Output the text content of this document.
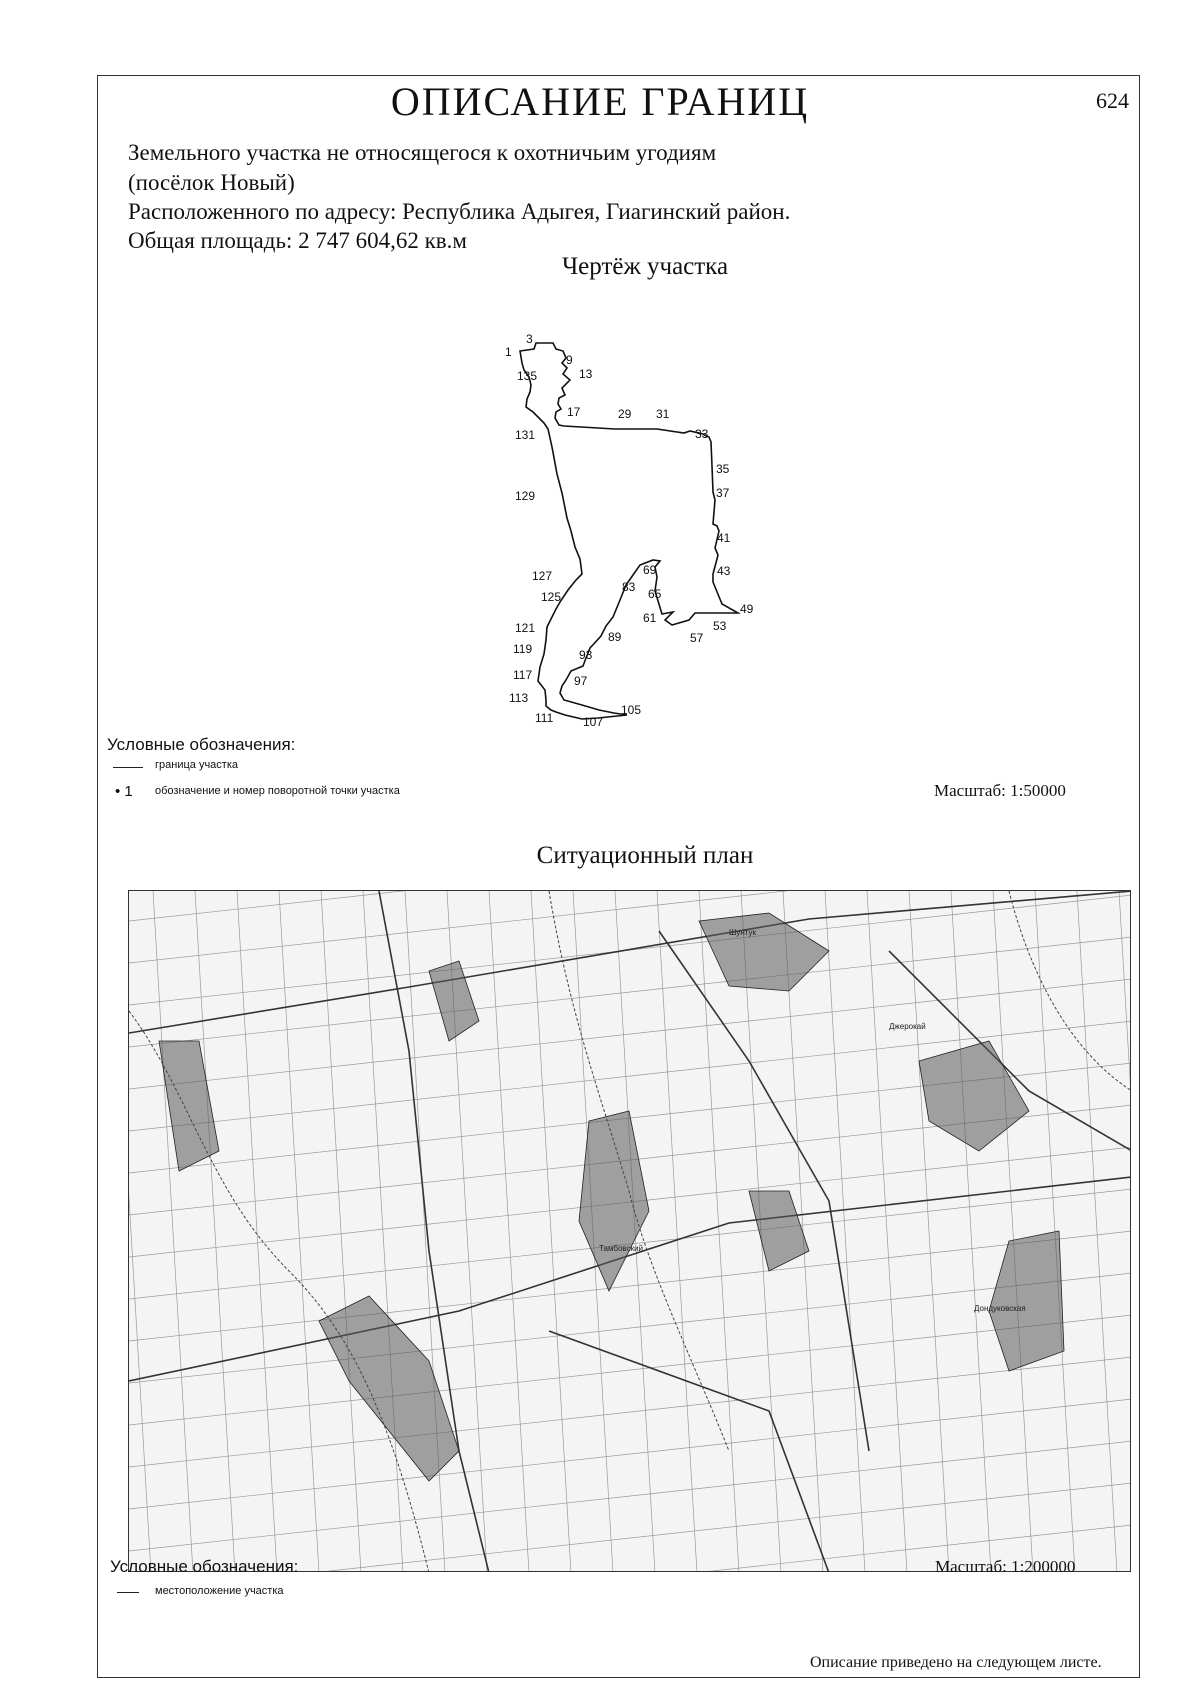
ОПИСАНИЕ ГРАНИЦ	624
Земельного участка не относящегося к охотничьим угодиям
(посёлок Новый)
Расположенного по адресу: Республика Адыгея, Гиагинский район.
Общая площадь: 2 747 604,62 кв.м
Чертёж участка
1
3
9
13
135
17	29 31
33
131
35
37
129
41
43
127	69
83 65
125
49
61
53
121
89	57
119	93
117	97
113
105
111 107
Условные обозначения:
граница участка
• 1 обозначение и номер поворотной точки участка	Масштаб: 1:50000
Ситуационный план
Дондуковская
Джерокай
Шунтук
Тамбовский
Условные обозначения:	Масштаб: 1:200000
местоположение участка
Описание приведено на следующем листе.
